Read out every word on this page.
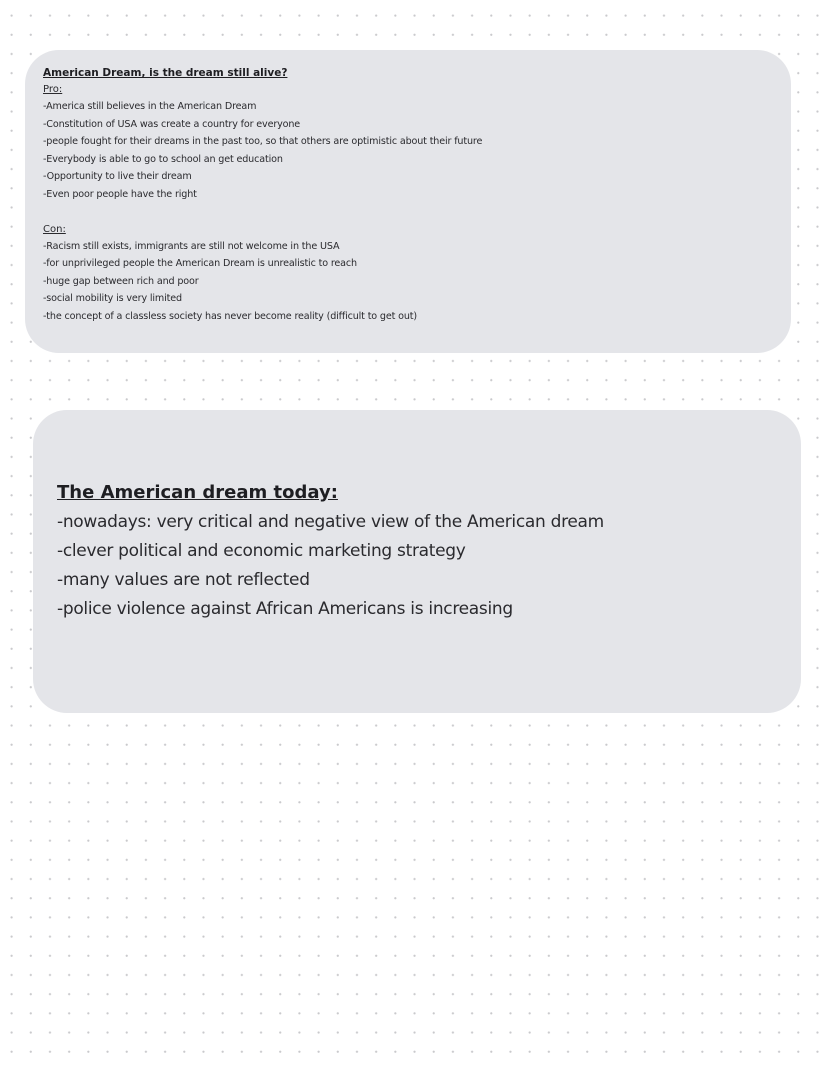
American Dream, is the dream still alive?
Pro:
-America still believes in the American Dream
-Constitution of USA was create a country for everyone
-people fought for their dreams in the past too, so that others are optimistic about their future
-Everybody is able to go to school an get education
-Opportunity to live their dream
-Even poor people have the right
Con:
-Racism still exists, immigrants are still not welcome in the USA
-for unprivileged people the American Dream is unrealistic to reach
-huge gap between rich and poor
-social mobility is very limited
-the concept of a classless society has never become reality (difficult to get out)
The American dream today:
-nowadays: very critical and negative view of the American dream
-clever political and economic marketing strategy
-many values are not reflected
-police violence against African Americans is increasing
